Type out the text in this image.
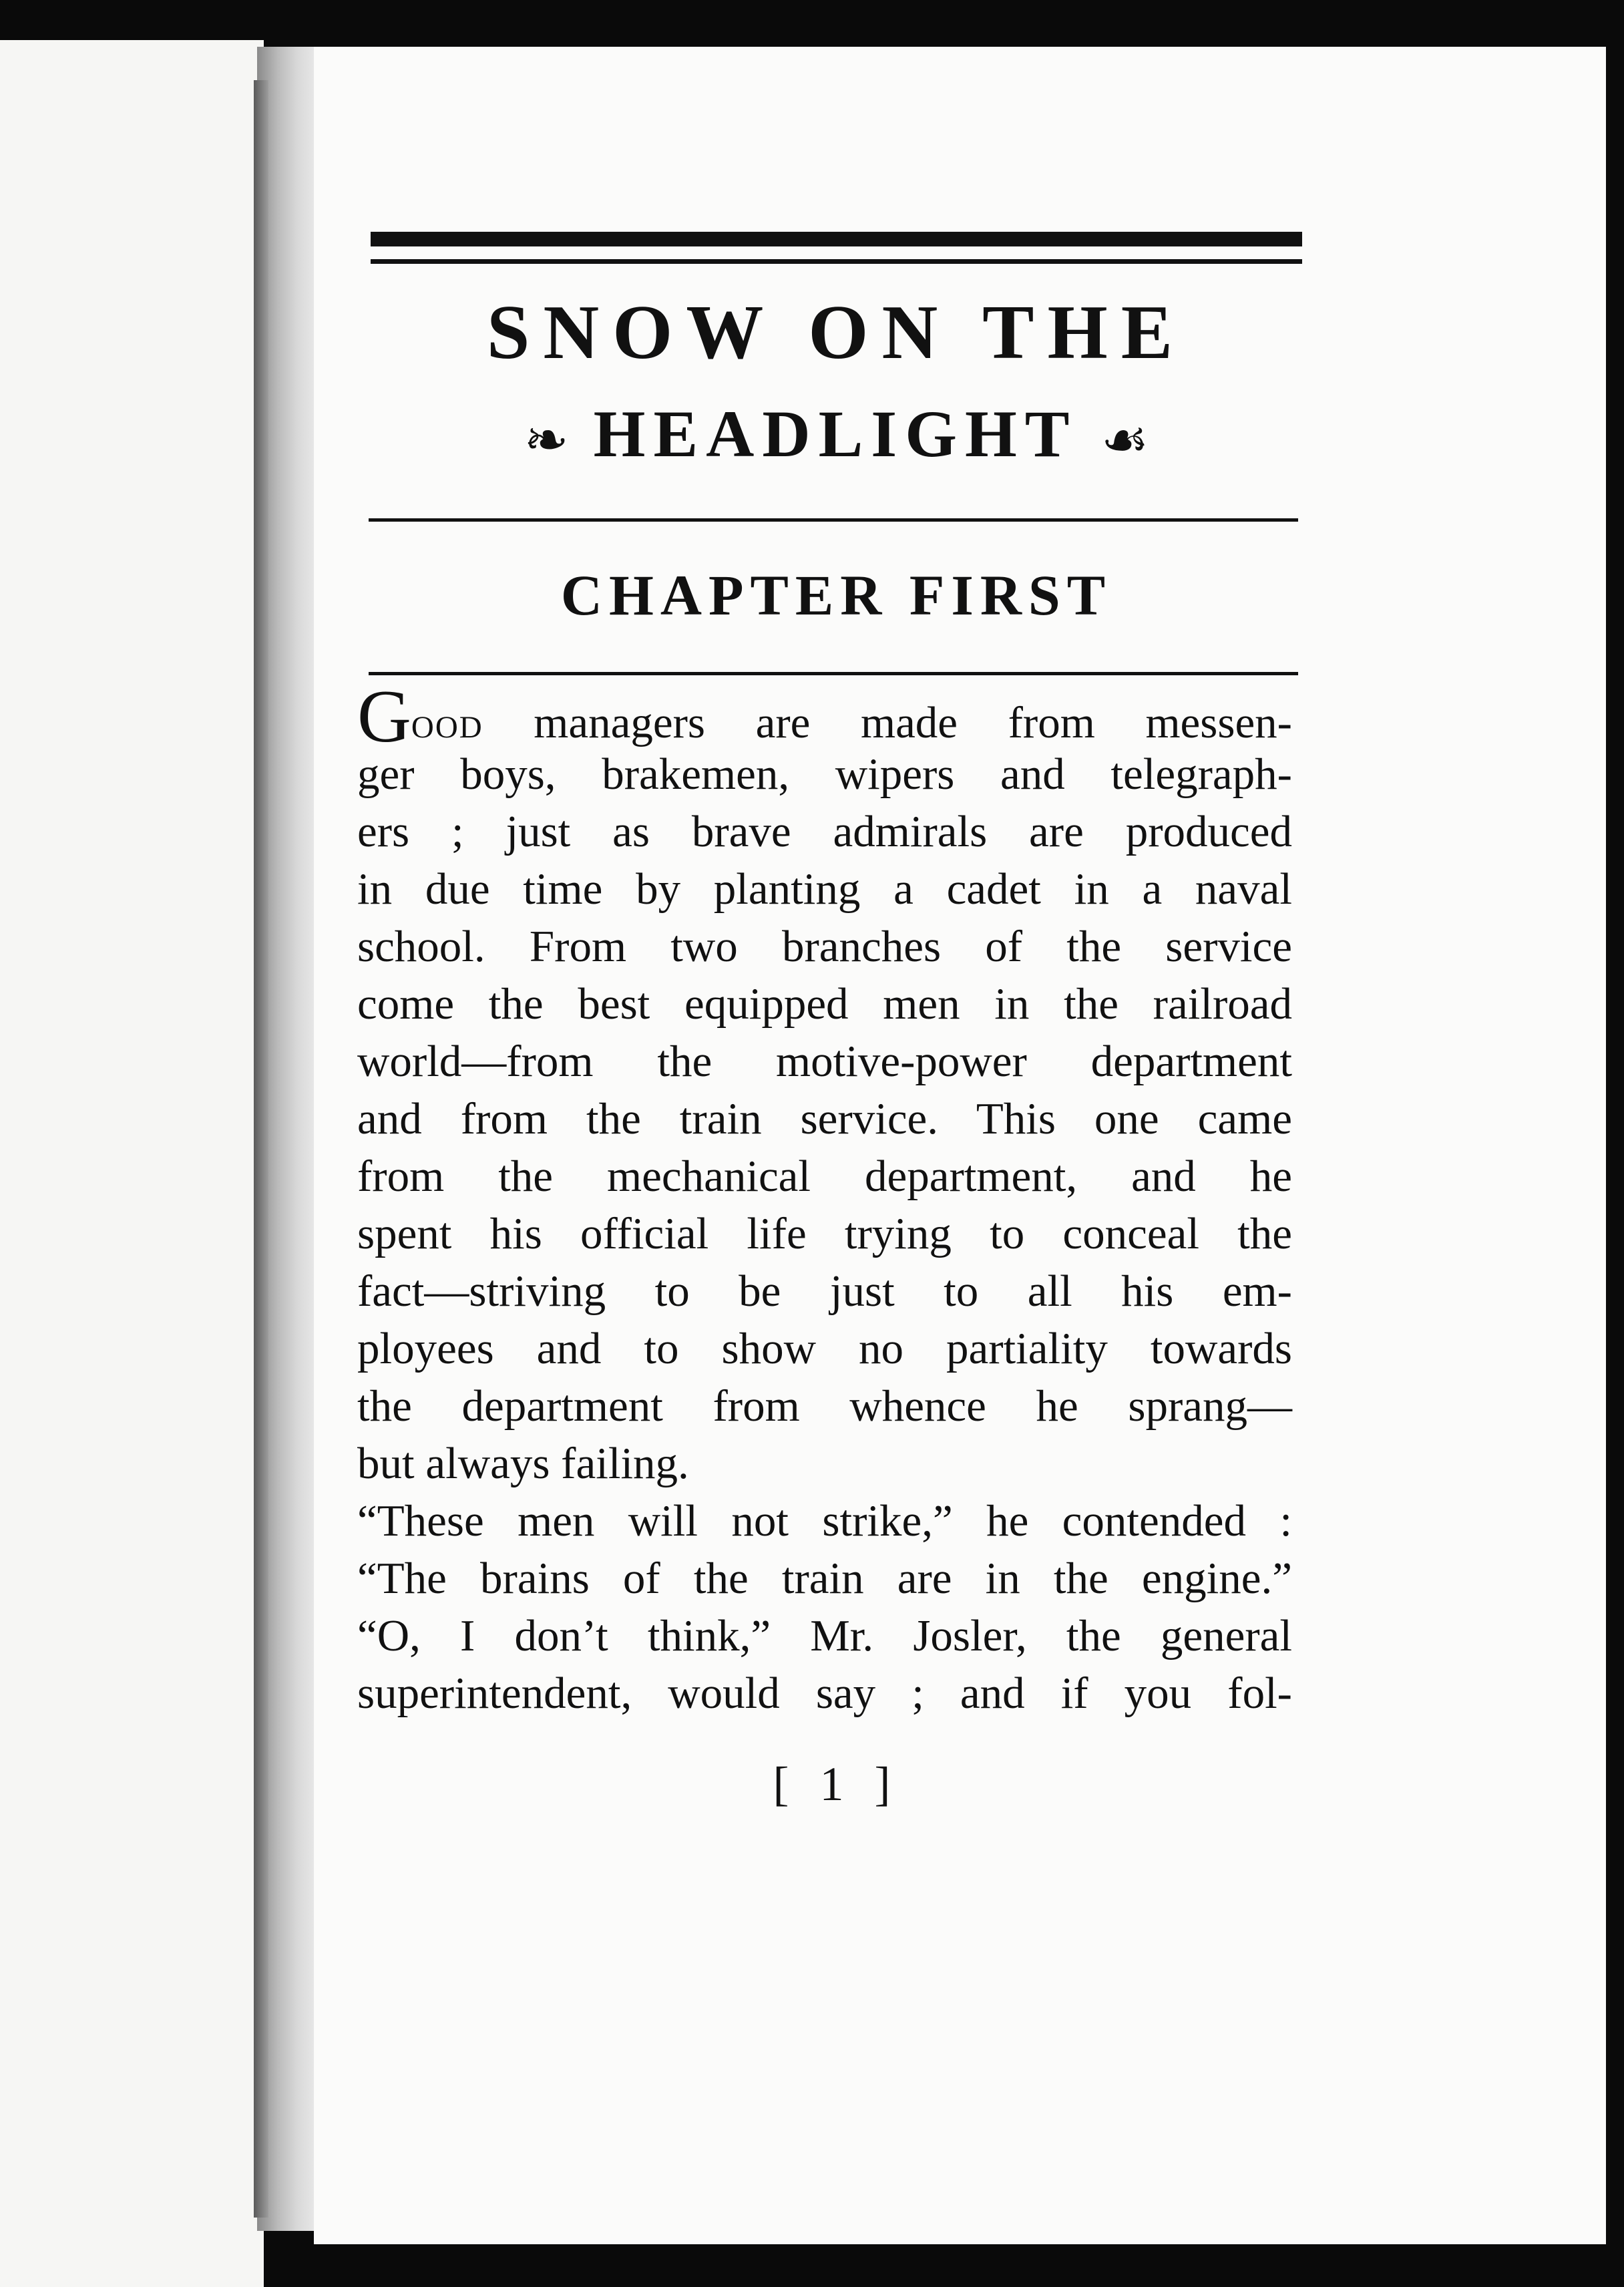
SNOW ON THE
❧ HEADLIGHT ☙
CHAPTER FIRST
Good managers are made from messen-
ger boys, brakemen, wipers and telegraph-
ers ; just as brave admirals are produced
in due time by planting a cadet in a naval
school. From two branches of the service
come the best equipped men in the railroad
world—from the motive-power department
and from the train service. This one came
from the mechanical department, and he
spent his official life trying to conceal the
fact—striving to be just to all his em-
ployees and to show no partiality towards
the department from whence he sprang—
but always failing.
“These men will not strike,” he contended :
“The brains of the train are in the engine.”
“O, I don’t think,” Mr. Josler, the general
superintendent, would say ; and if you fol-
[ 1 ]
